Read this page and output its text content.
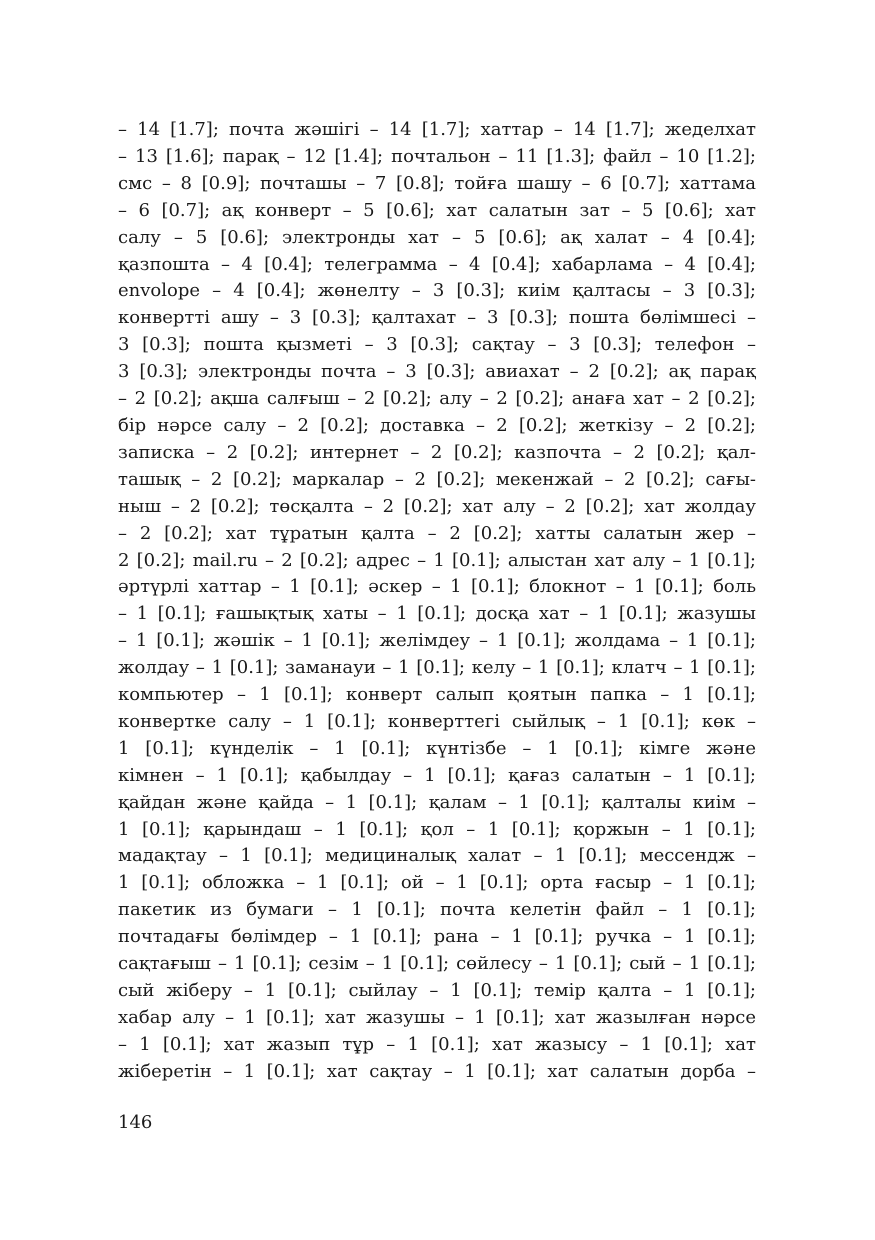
– 14 [1.7]; почта жәшігі – 14 [1.7]; хаттар – 14 [1.7]; жеделхат
– 13 [1.6]; парақ – 12 [1.4]; почтальон – 11 [1.3]; файл – 10 [1.2];
смс – 8 [0.9]; почташы – 7 [0.8]; тойға шашу – 6 [0.7]; хаттама
– 6 [0.7]; ақ конверт – 5 [0.6]; хат салатын зат – 5 [0.6]; хат
салу – 5 [0.6]; электронды хат – 5 [0.6]; ақ халат – 4 [0.4];
қазпошта – 4 [0.4]; телеграмма – 4 [0.4]; хабарлама – 4 [0.4];
envolope – 4 [0.4]; жөнелту – 3 [0.3]; киім қалтасы – 3 [0.3];
конвертті ашу – 3 [0.3]; қалтахат – 3 [0.3]; пошта бөлімшесі –
3 [0.3]; пошта қызметі – 3 [0.3]; сақтау – 3 [0.3]; телефон –
3 [0.3]; электронды почта – 3 [0.3]; авиахат – 2 [0.2]; ақ парақ
– 2 [0.2]; ақша салғыш – 2 [0.2]; алу – 2 [0.2]; анаға хат – 2 [0.2];
бір нәрсе салу – 2 [0.2]; доставка – 2 [0.2]; жеткізу – 2 [0.2];
записка – 2 [0.2]; интернет – 2 [0.2]; казпочта – 2 [0.2]; қал-
ташық – 2 [0.2]; маркалар – 2 [0.2]; мекенжай – 2 [0.2]; сағы-
ныш – 2 [0.2]; төсқалта – 2 [0.2]; хат алу – 2 [0.2]; хат жолдау
– 2 [0.2]; хат тұратын қалта – 2 [0.2]; хатты салатын жер –
2 [0.2]; mail.ru – 2 [0.2]; адрес – 1 [0.1]; алыстан хат алу – 1 [0.1];
әртүрлі хаттар – 1 [0.1]; әскер – 1 [0.1]; блокнот – 1 [0.1]; боль
– 1 [0.1]; ғашықтық хаты – 1 [0.1]; досқа хат – 1 [0.1]; жазушы
– 1 [0.1]; жәшік – 1 [0.1]; желімдеу – 1 [0.1]; жолдама – 1 [0.1];
жолдау – 1 [0.1]; заманауи – 1 [0.1]; келу – 1 [0.1]; клатч – 1 [0.1];
компьютер – 1 [0.1]; конверт салып қоятын папка – 1 [0.1];
конвертке салу – 1 [0.1]; конверттегі сыйлық – 1 [0.1]; көк –
1 [0.1]; күнделік – 1 [0.1]; күнтізбе – 1 [0.1]; кімге және
кімнен – 1 [0.1]; қабылдау – 1 [0.1]; қағаз салатын – 1 [0.1];
қайдан және қайда – 1 [0.1]; қалам – 1 [0.1]; қалталы киім –
1 [0.1]; қарындаш – 1 [0.1]; қол – 1 [0.1]; қоржын – 1 [0.1];
мадақтау – 1 [0.1]; медициналық халат – 1 [0.1]; мессендж –
1 [0.1]; обложка – 1 [0.1]; ой – 1 [0.1]; орта ғасыр – 1 [0.1];
пакетик из бумаги – 1 [0.1]; почта келетін файл – 1 [0.1];
почтадағы бөлімдер – 1 [0.1]; рана – 1 [0.1]; ручка – 1 [0.1];
сақтағыш – 1 [0.1]; сезім – 1 [0.1]; сөйлесу – 1 [0.1]; сый – 1 [0.1];
сый жіберу – 1 [0.1]; сыйлау – 1 [0.1]; темір қалта – 1 [0.1];
хабар алу – 1 [0.1]; хат жазушы – 1 [0.1]; хат жазылған нәрсе
– 1 [0.1]; хат жазып тұр – 1 [0.1]; хат жазысу – 1 [0.1]; хат
жіберетін – 1 [0.1]; хат сақтау – 1 [0.1]; хат салатын дорба –
146
